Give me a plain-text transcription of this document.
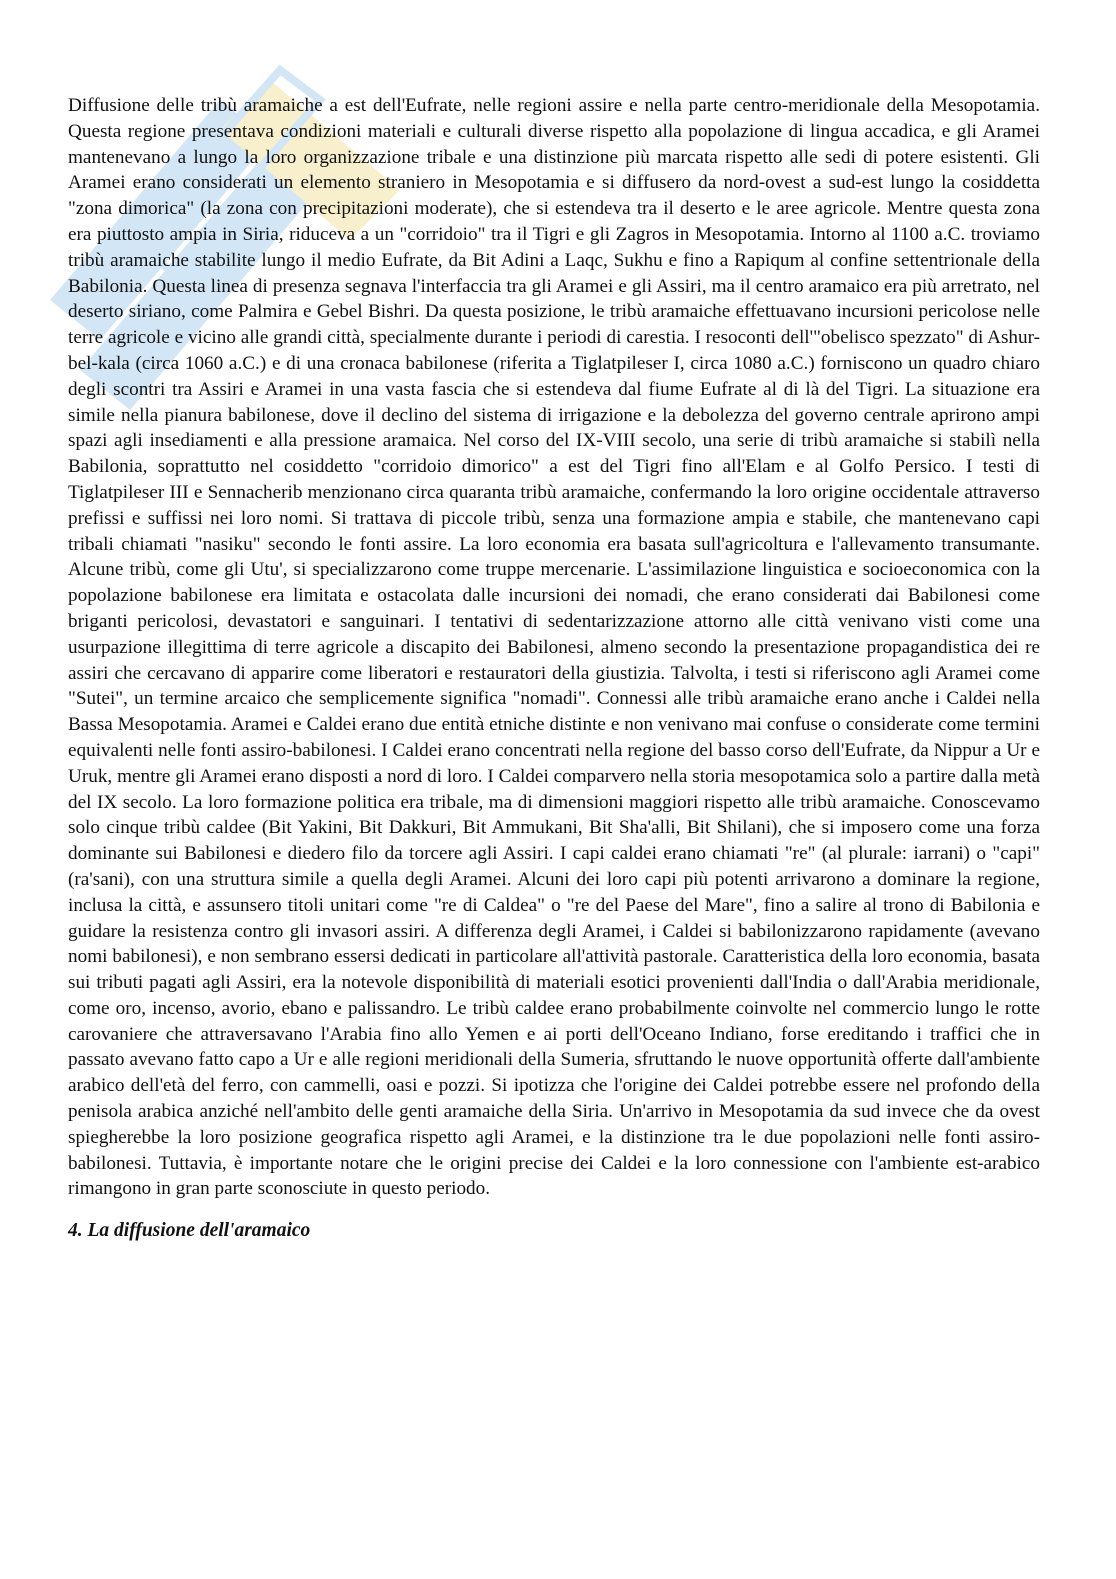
Diffusione delle tribù aramaiche a est dell'Eufrate, nelle regioni assire e nella parte centro-meridionale della Mesopotamia. Questa regione presentava condizioni materiali e culturali diverse rispetto alla popolazione di lingua accadica, e gli Aramei mantenevano a lungo la loro organizzazione tribale e una distinzione più marcata rispetto alle sedi di potere esistenti. Gli Aramei erano considerati un elemento straniero in Mesopotamia e si diffusero da nord-ovest a sud-est lungo la cosiddetta "zona dimorica" (la zona con precipitazioni moderate), che si estendeva tra il deserto e le aree agricole. Mentre questa zona era piuttosto ampia in Siria, riduceva a un "corridoio" tra il Tigri e gli Zagros in Mesopotamia. Intorno al 1100 a.C. troviamo tribù aramaiche stabilite lungo il medio Eufrate, da Bit Adini a Laqc, Sukhu e fino a Rapiqum al confine settentrionale della Babilonia. Questa linea di presenza segnava l'interfaccia tra gli Aramei e gli Assiri, ma il centro aramaico era più arretrato, nel deserto siriano, come Palmira e Gebel Bishri. Da questa posizione, le tribù aramaiche effettuavano incursioni pericolose nelle terre agricole e vicino alle grandi città, specialmente durante i periodi di carestia. I resoconti dell'"obelisco spezzato" di Ashur-bel-kala (circa 1060 a.C.) e di una cronaca babilonese (riferita a Tiglatpileser I, circa 1080 a.C.) forniscono un quadro chiaro degli scontri tra Assiri e Aramei in una vasta fascia che si estendeva dal fiume Eufrate al di là del Tigri. La situazione era simile nella pianura babilonese, dove il declino del sistema di irrigazione e la debolezza del governo centrale aprirono ampi spazi agli insediamenti e alla pressione aramaica. Nel corso del IX-VIII secolo, una serie di tribù aramaiche si stabilì nella Babilonia, soprattutto nel cosiddetto "corridoio dimorico" a est del Tigri fino all'Elam e al Golfo Persico. I testi di Tiglatpileser III e Sennacherib menzionano circa quaranta tribù aramaiche, confermando la loro origine occidentale attraverso prefissi e suffissi nei loro nomi. Si trattava di piccole tribù, senza una formazione ampia e stabile, che mantenevano capi tribali chiamati "nasiku" secondo le fonti assire. La loro economia era basata sull'agricoltura e l'allevamento transumante. Alcune tribù, come gli Utu', si specializzarono come truppe mercenarie. L'assimilazione linguistica e socioeconomica con la popolazione babilonese era limitata e ostacolata dalle incursioni dei nomadi, che erano considerati dai Babilonesi come briganti pericolosi, devastatori e sanguinari. I tentativi di sedentarizzazione attorno alle città venivano visti come una usurpazione illegittima di terre agricole a discapito dei Babilonesi, almeno secondo la presentazione propagandistica dei re assiri che cercavano di apparire come liberatori e restauratori della giustizia. Talvolta, i testi si riferiscono agli Aramei come "Sutei", un termine arcaico che semplicemente significa "nomadi". Connessi alle tribù aramaiche erano anche i Caldei nella Bassa Mesopotamia. Aramei e Caldei erano due entità etniche distinte e non venivano mai confuse o considerate come termini equivalenti nelle fonti assiro-babilonesi. I Caldei erano concentrati nella regione del basso corso dell'Eufrate, da Nippur a Ur e Uruk, mentre gli Aramei erano disposti a nord di loro. I Caldei comparvero nella storia mesopotamica solo a partire dalla metà del IX secolo. La loro formazione politica era tribale, ma di dimensioni maggiori rispetto alle tribù aramaiche. Conoscevamo solo cinque tribù caldee (Bit Yakini, Bit Dakkuri, Bit Ammukani, Bit Sha'alli, Bit Shilani), che si imposero come una forza dominante sui Babilonesi e diedero filo da torcere agli Assiri. I capi caldei erano chiamati "re" (al plurale: iarrani) o "capi" (ra'sani), con una struttura simile a quella degli Aramei. Alcuni dei loro capi più potenti arrivarono a dominare la regione, inclusa la città, e assunsero titoli unitari come "re di Caldea" o "re del Paese del Mare", fino a salire al trono di Babilonia e guidare la resistenza contro gli invasori assiri. A differenza degli Aramei, i Caldei si babilonizzarono rapidamente (avevano nomi babilonesi), e non sembrano essersi dedicati in particolare all'attività pastorale. Caratteristica della loro economia, basata sui tributi pagati agli Assiri, era la notevole disponibilità di materiali esotici provenienti dall'India o dall'Arabia meridionale, come oro, incenso, avorio, ebano e palissandro. Le tribù caldee erano probabilmente coinvolte nel commercio lungo le rotte carovaniere che attraversavano l'Arabia fino allo Yemen e ai porti dell'Oceano Indiano, forse ereditando i traffici che in passato avevano fatto capo a Ur e alle regioni meridionali della Sumeria, sfruttando le nuove opportunità offerte dall'ambiente arabico dell'età del ferro, con cammelli, oasi e pozzi. Si ipotizza che l'origine dei Caldei potrebbe essere nel profondo della penisola arabica anziché nell'ambito delle genti aramaiche della Siria. Un'arrivo in Mesopotamia da sud invece che da ovest spiegherebbe la loro posizione geografica rispetto agli Aramei, e la distinzione tra le due popolazioni nelle fonti assiro-babilonesi. Tuttavia, è importante notare che le origini precise dei Caldei e la loro connessione con l'ambiente est-arabico rimangono in gran parte sconosciute in questo periodo.

4. La diffusione dell'aramaico
